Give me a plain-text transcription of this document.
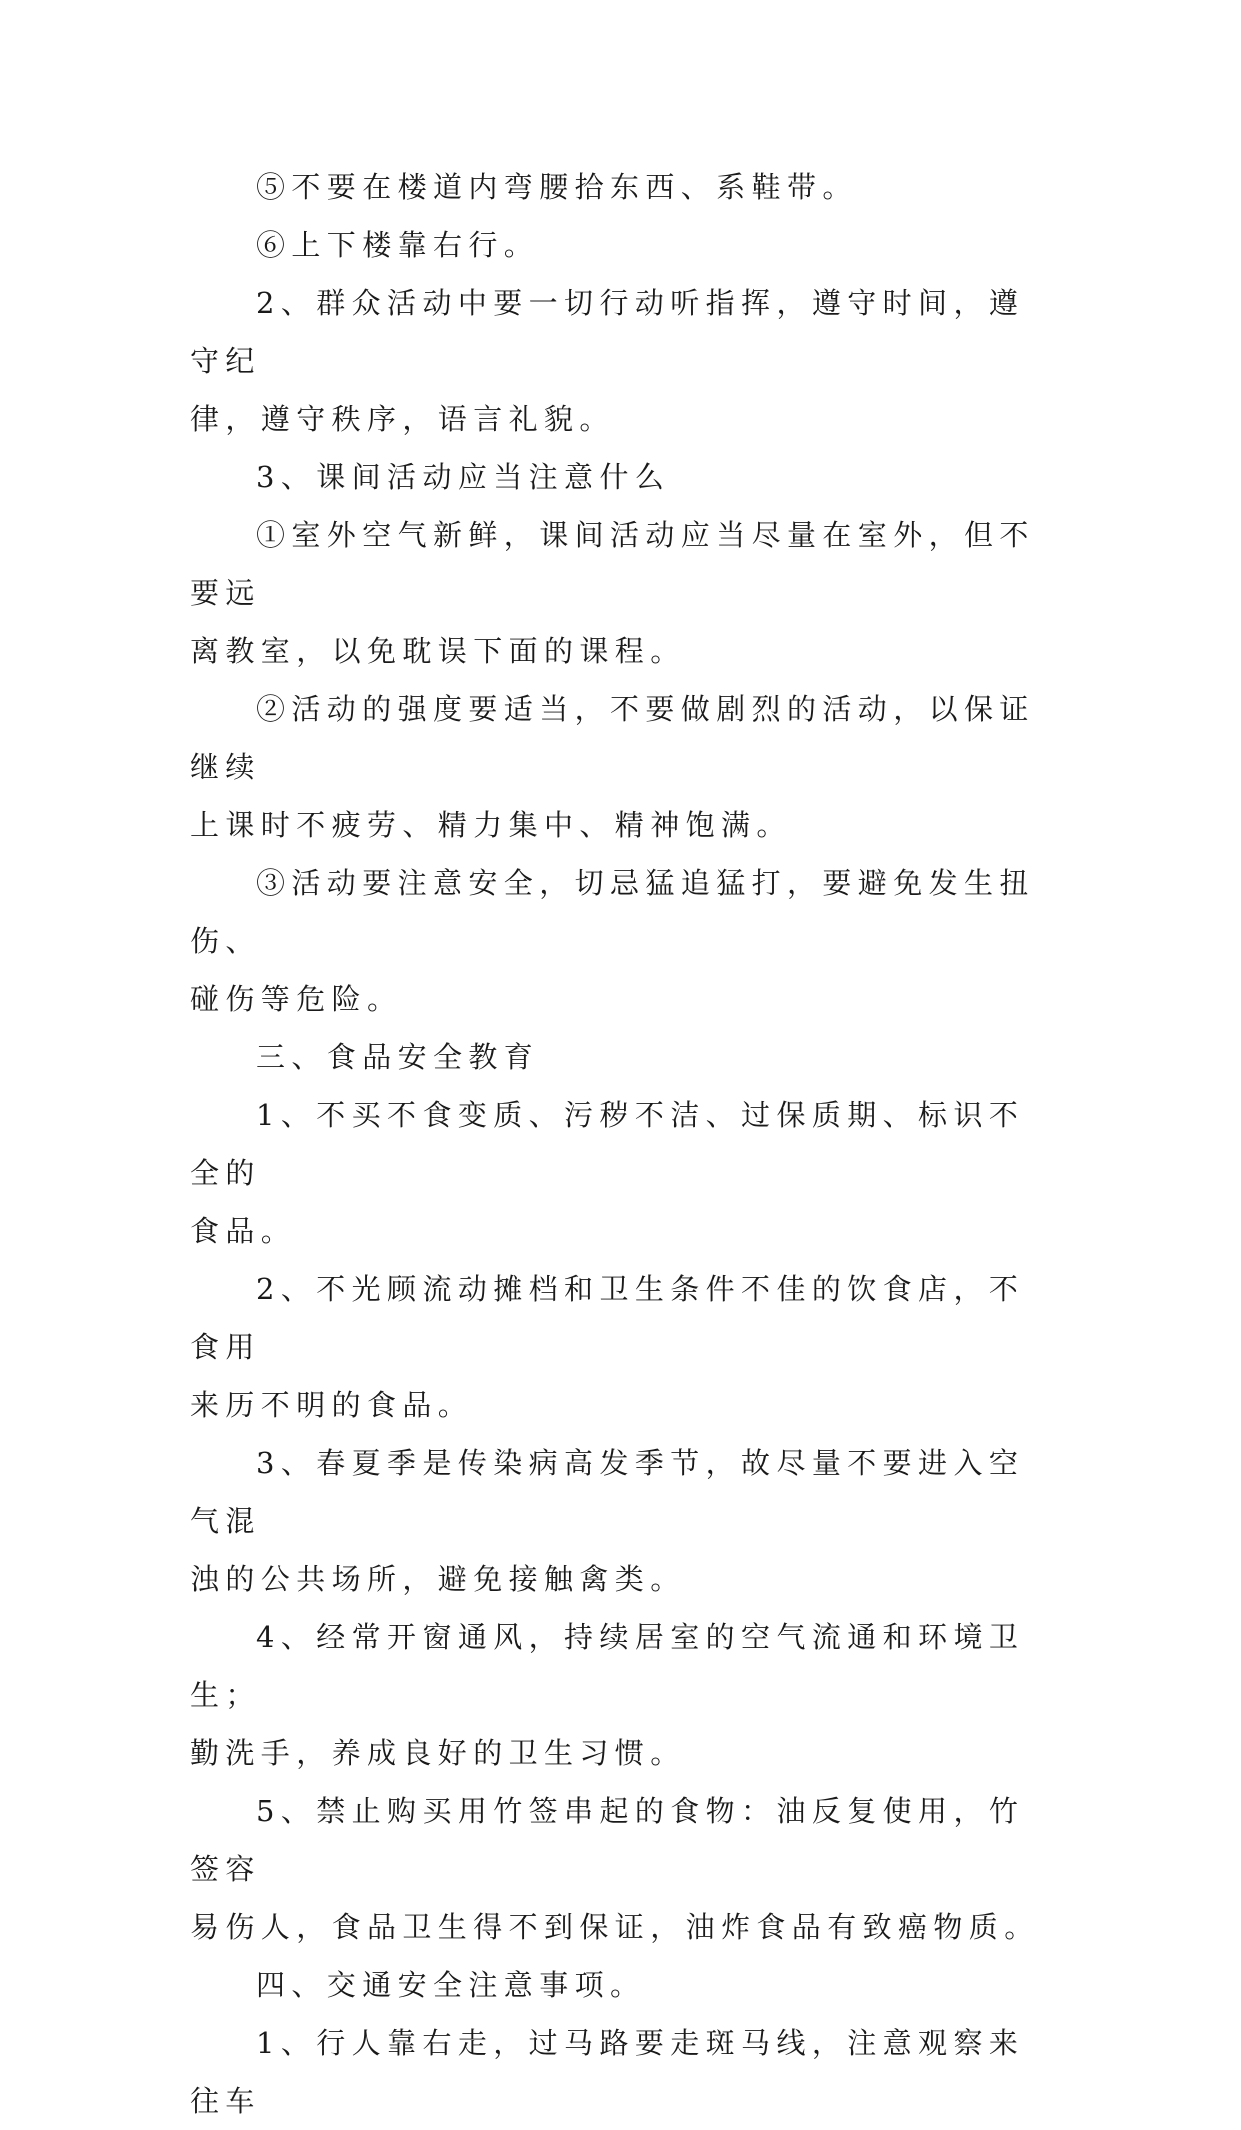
⑤不要在楼道内弯腰拾东西、系鞋带。

⑥上下楼靠右行。

2、群众活动中要一切行动听指挥，遵守时间，遵守纪
律，遵守秩序，语言礼貌。

3、课间活动应当注意什么

①室外空气新鲜，课间活动应当尽量在室外，但不要远
离教室，以免耽误下面的课程。

②活动的强度要适当，不要做剧烈的活动，以保证继续
上课时不疲劳、精力集中、精神饱满。

③活动要注意安全，切忌猛追猛打，要避免发生扭伤、
碰伤等危险。

三、食品安全教育

1、不买不食变质、污秽不洁、过保质期、标识不全的
食品。

2、不光顾流动摊档和卫生条件不佳的饮食店，不食用
来历不明的食品。

3、春夏季是传染病高发季节，故尽量不要进入空气混
浊的公共场所，避免接触禽类。

4、经常开窗通风，持续居室的空气流通和环境卫生；
勤洗手，养成良好的卫生习惯。

5、禁止购买用竹签串起的食物：油反复使用，竹签容
易伤人，食品卫生得不到保证，油炸食品有致癌物质。

四、交通安全注意事项。

1、行人靠右走，过马路要走斑马线，注意观察来往车
